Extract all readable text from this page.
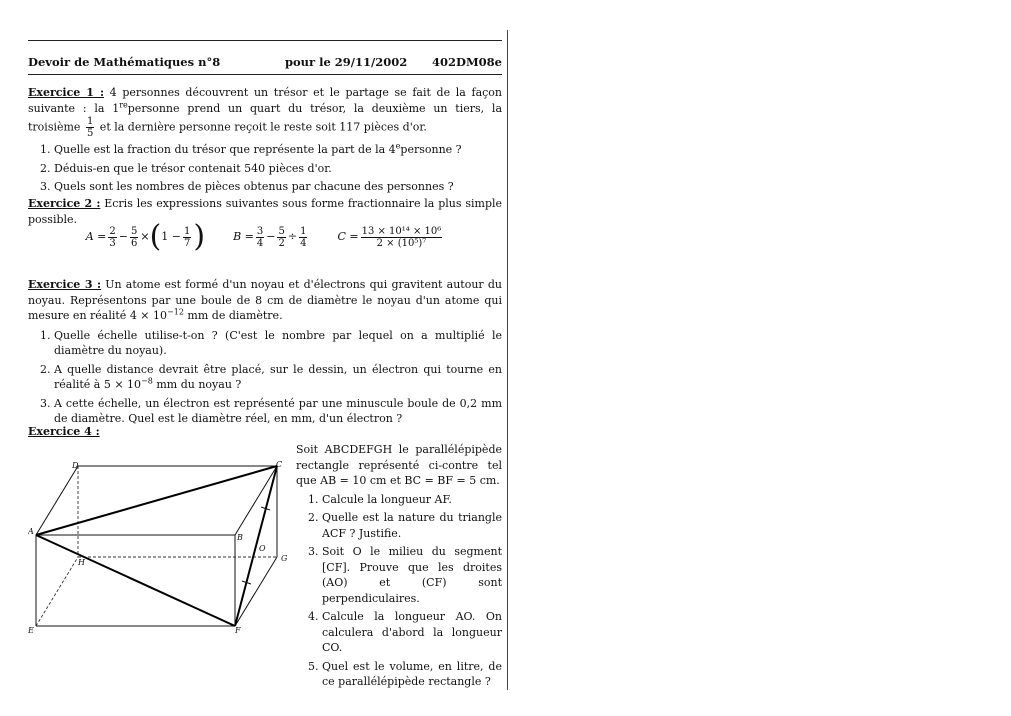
Devoir de Mathématiques n°8	pour le 29/11/2002 402DM08e
Exercice 1 : 4 personnes découvrent un trésor et le partage se fait de la façon suivante : la 1repersonne prend un quart du trésor, la deuxième un tiers, la troisième $\frac{1}{5}$ et la dernière personne reçoit le reste soit 117 pièces d'or.
1. Quelle est la fraction du trésor que représente la part de la 4epersonne ?
2. Déduis-en que le trésor contenait 540 pièces d'or.
3. Quels sont les nombres de pièces obtenus par chacune des personnes ?
Exercice 2 : Ecris les expressions suivantes sous forme fractionnaire la plus simple possible.
$A = \frac{2}{3} - \frac{5}{6}$ × ( $1 - \frac{1}{7}$ )	$B = \frac{3}{4} - \frac{5}{2} \div \frac{1}{4}$	$C = \frac{\text{13 × 10¹⁴ × 10⁶}}{\text{2 × (10⁵)⁷}}$
Exercice 3 : Un atome est formé d'un noyau et d'électrons qui gravitent autour du noyau. Représentons par une boule de 8 cm de diamètre le noyau d'un atome qui mesure en réalité $4 \times 10^{-12}$ mm de diamètre.
1. Quelle échelle utilise-t-on ? (C'est le nombre par lequel on a multiplié le diamètre du noyau).
2. A quelle distance devrait être placé, sur le dessin, un électron qui tourne en réalité à $5 \times 10^{-8}$ mm du noyau ?
3. A cette échelle, un électron est représenté par une minuscule boule de 0,2 mm de diamètre. Quel est le diamètre réel, en mm, d'un électron ?
Exercice 4 :
Soit ABCDEFGH le parallélépipède rectangle représenté ci-contre tel que AB = 10 cm et BC = BF = 5 cm.
1. Calcule la longueur AF.
2. Quelle est la nature du triangle ACF ? Justifie.
3. Soit O le milieu du segment [CF]. Prouve que les droites (AO) et (CF) sont perpendiculaires.
4. Calcule la longueur AO. On calculera d'abord la longueur CO.
5. Quel est le volume, en litre, de ce parallélépipède rectangle ?
A
D	C
B
G
H
E	F
O
